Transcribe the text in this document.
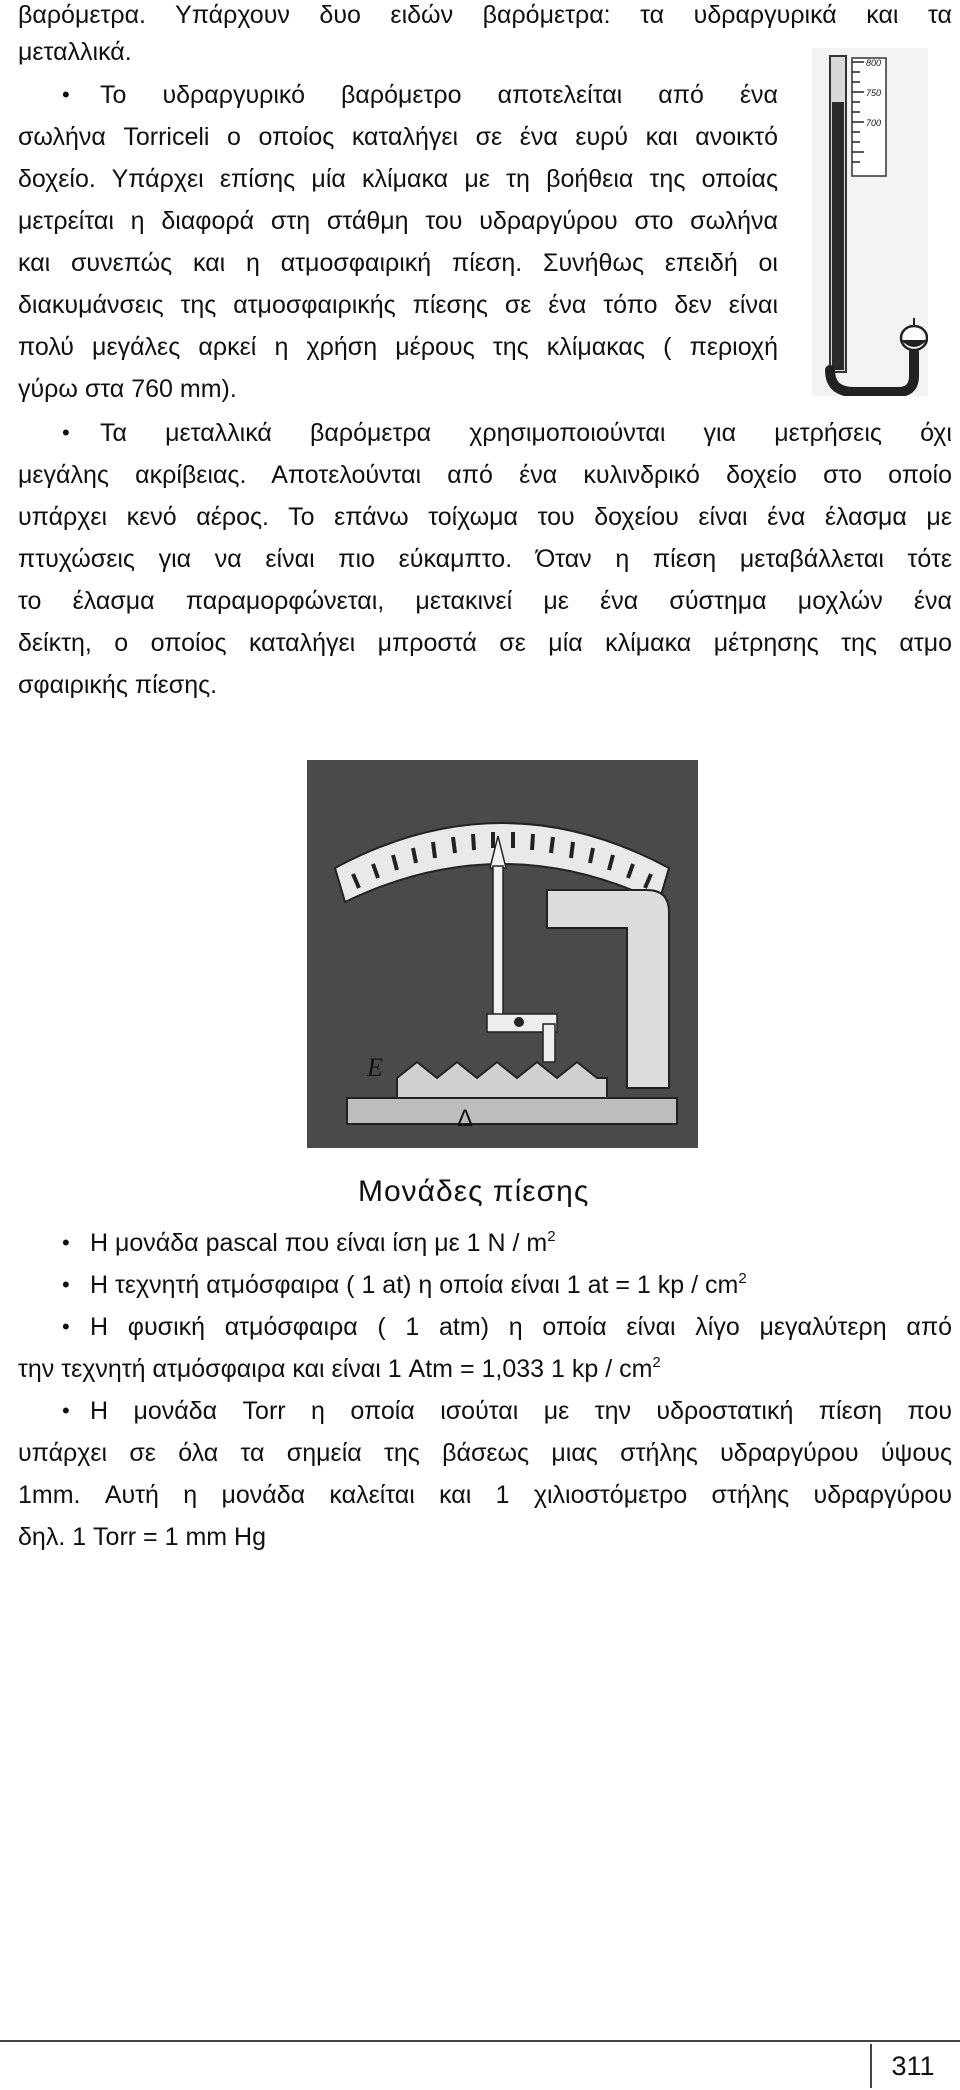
βαρόμετρα. Υπάρχουν δυο ειδών βαρόμετρα: τα υδραργυρικά και τα

μεταλλικά.

• Το υδραργυρικό βαρόμετρο αποτελείται από ένα

σωλήνα Torriceli ο οποίος καταλήγει σε ένα ευρύ και ανοικτό

δοχείο. Υπάρχει επίσης μία κλίμακα με τη βοήθεια της οποίας

μετρείται η διαφορά στη στάθμη του υδραργύρου στο σωλήνα

και συνεπώς και η ατμοσφαιρική πίεση. Συνήθως επειδή οι

διακυμάνσεις της ατμοσφαιρικής πίεσης σε ένα τόπο δεν είναι

πολύ μεγάλες αρκεί η χρήση μέρους της κλίμακας ( περιοχή

γύρω στα 760 mm).

800
750
700
• Τα μεταλλικά βαρόμετρα χρησιμοποιούνται για μετρήσεις όχι

μεγάλης ακρίβειας. Αποτελούνται από ένα κυλινδρικό δοχείο στο οποίο

υπάρχει κενό αέρος. Το επάνω τοίχωμα του δοχείου είναι ένα έλασμα με

πτυχώσεις για να είναι πιο εύκαμπτο. Όταν η πίεση μεταβάλλεται τότε

το έλασμα παραμορφώνεται, μετακινεί με ένα σύστημα μοχλών ένα

δείκτη, ο οποίος καταλήγει μπροστά σε μία κλίμακα μέτρησης της ατμο

σφαιρικής πίεσης.

Ε
Δ
Μονάδες πίεσης
• Η μονάδα pascal που είναι ίση με 1 N / $m^2$

• Η τεχνητή ατμόσφαιρα ( 1 at) η οποία είναι 1 at = 1 kp / $cm^2$

• Η φυσική ατμόσφαιρα ( 1 atm) η οποία είναι λίγο μεγαλύτερη από

την τεχνητή ατμόσφαιρα και είναι 1 Atm = 1,033 1 kp / $cm^2$

• Η μονάδα Torr η οποία ισούται με την υδροστατική πίεση που

υπάρχει σε όλα τα σημεία της βάσεως μιας στήλης υδραργύρου ύψους

1mm. Αυτή η μονάδα καλείται και 1 χιλιοστόμετρο στήλης υδραργύρου

δηλ. 1 Torr = 1 mm Hg

311
